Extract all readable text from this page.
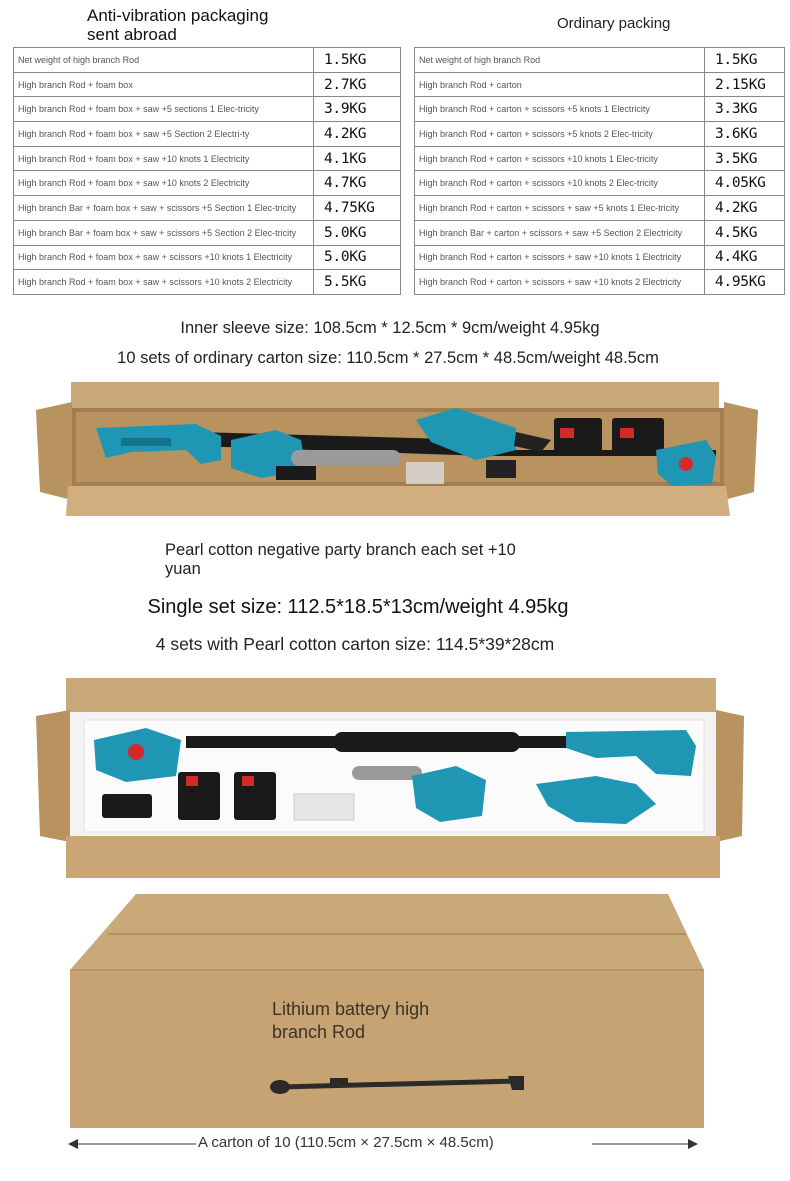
Anti-vibration packaging sent abroad
Ordinary packing
Net weight of high branch Rod	1.5KG
High branch Rod + foam box	2.7KG
High branch Rod + foam box + saw +5 sections 1 Elec-tricity	3.9KG
High branch Rod + foam box + saw +5 Section 2 Electri-ty	4.2KG
High branch Rod + foam box + saw +10 knots 1 Electricity	4.1KG
High branch Rod + foam box + saw +10 knots 2 Electricity	4.7KG
High branch Bar + foam box + saw + scissors +5 Section 1 Elec-tricity	4.75KG
High branch Bar + foam box + saw + scissors +5 Section 2 Elec-tricity	5.0KG
High branch Rod + foam box + saw + scissors +10 knots 1 Electricity	5.0KG
High branch Rod + foam box + saw + scissors +10 knots 2 Electricity	5.5KG
Net weight of high branch Rod	1.5KG
High branch Rod + carton	2.15KG
High branch Rod + carton + scissors +5 knots 1 Electricity	3.3KG
High branch Rod + carton + scissors +5 knots 2 Elec-tricity	3.6KG
High branch Rod + carton + scissors +10 knots 1 Elec-tricity	3.5KG
High branch Rod + carton + scissors +10 knots 2 Elec-tricity	4.05KG
High branch Rod + carton + scissors + saw +5 knots 1 Elec-tricity	4.2KG
High branch Bar + carton + scissors + saw +5 Section 2 Electricity	4.5KG
High branch Rod + carton + scissors + saw +10 knots 1 Electricity	4.4KG
High branch Rod + carton + scissors + saw +10 knots 2 Electricity	4.95KG
Inner sleeve size: 108.5cm * 12.5cm * 9cm/weight 4.95kg
10 sets of ordinary carton size: 110.5cm * 27.5cm * 48.5cm/weight 48.5cm
Pearl cotton negative party branch each set +10 yuan
Single set size: 112.5*18.5*13cm/weight 4.95kg
4 sets with Pearl cotton carton size: 114.5*39*28cm
Lithium battery high branch Rod
A carton of 10 (110.5cm × 27.5cm × 48.5cm)
